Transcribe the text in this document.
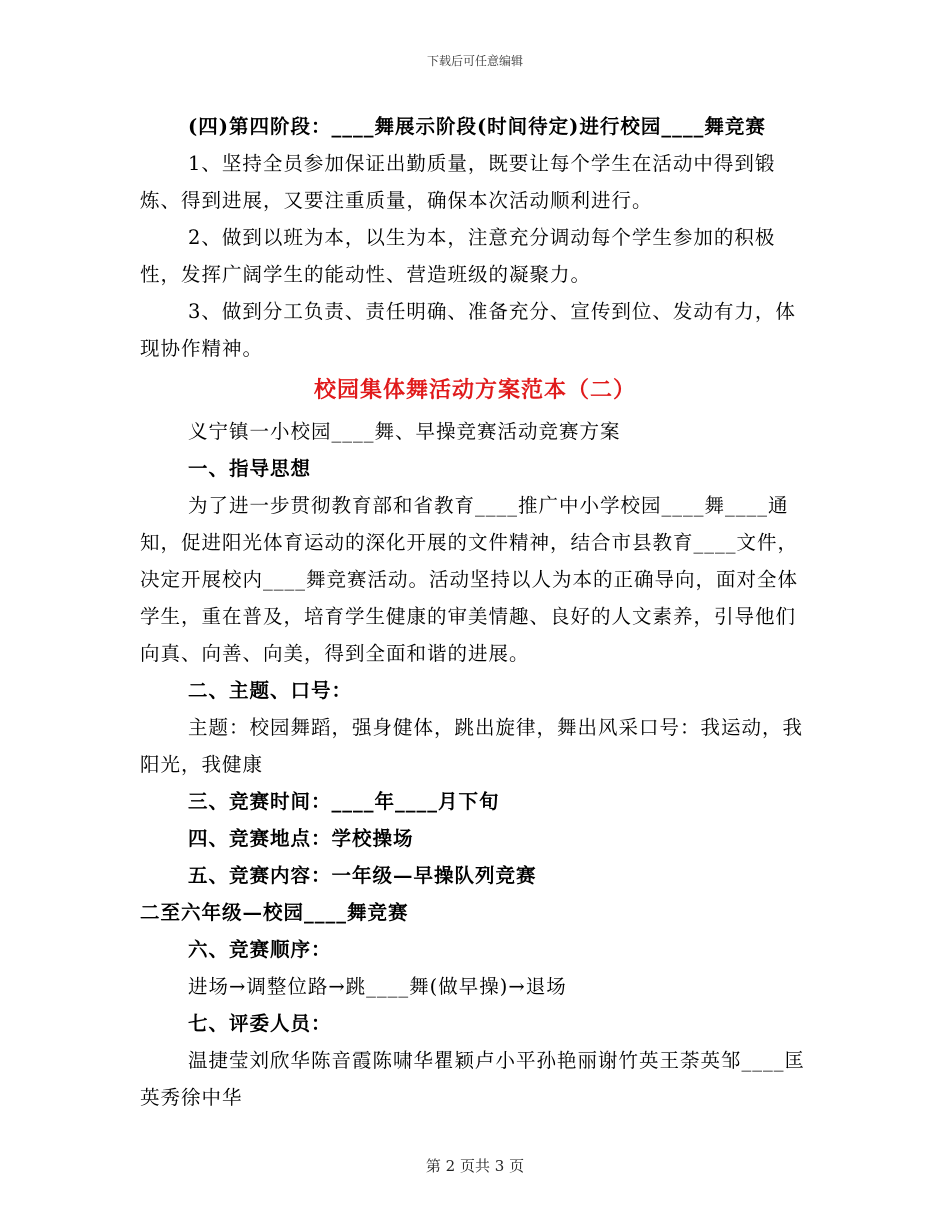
下载后可任意编辑

(四)第四阶段：____舞展示阶段(时间待定)进行校园____舞竞赛

1、坚持全员参加保证出勤质量，既要让每个学生在活动中得到锻炼、得到进展，又要注重质量，确保本次活动顺利进行。

2、做到以班为本，以生为本，注意充分调动每个学生参加的积极性，发挥广阔学生的能动性、营造班级的凝聚力。

3、做到分工负责、责任明确、准备充分、宣传到位、发动有力，体现协作精神。

校园集体舞活动方案范本（二）

义宁镇一小校园____舞、早操竞赛活动竞赛方案

一、指导思想

为了进一步贯彻教育部和省教育____推广中小学校园____舞____通知，促进阳光体育运动的深化开展的文件精神，结合市县教育____文件，决定开展校内____舞竞赛活动。活动坚持以人为本的正确导向，面对全体学生，重在普及，培育学生健康的审美情趣、良好的人文素养，引导他们向真、向善、向美，得到全面和谐的进展。

二、主题、口号：

主题：校园舞蹈，强身健体，跳出旋律，舞出风采口号：我运动，我阳光，我健康

三、竞赛时间：____年____月下旬

四、竞赛地点：学校操场

五、竞赛内容：一年级—早操队列竞赛

二至六年级—校园____舞竞赛

六、竞赛顺序：

进场→调整位路→跳____舞(做早操)→退场

七、评委人员：

温捷莹刘欣华陈音霞陈啸华瞿颖卢小平孙艳丽谢竹英王荼英邹____匡英秀徐中华

第 2 页共 3 页
